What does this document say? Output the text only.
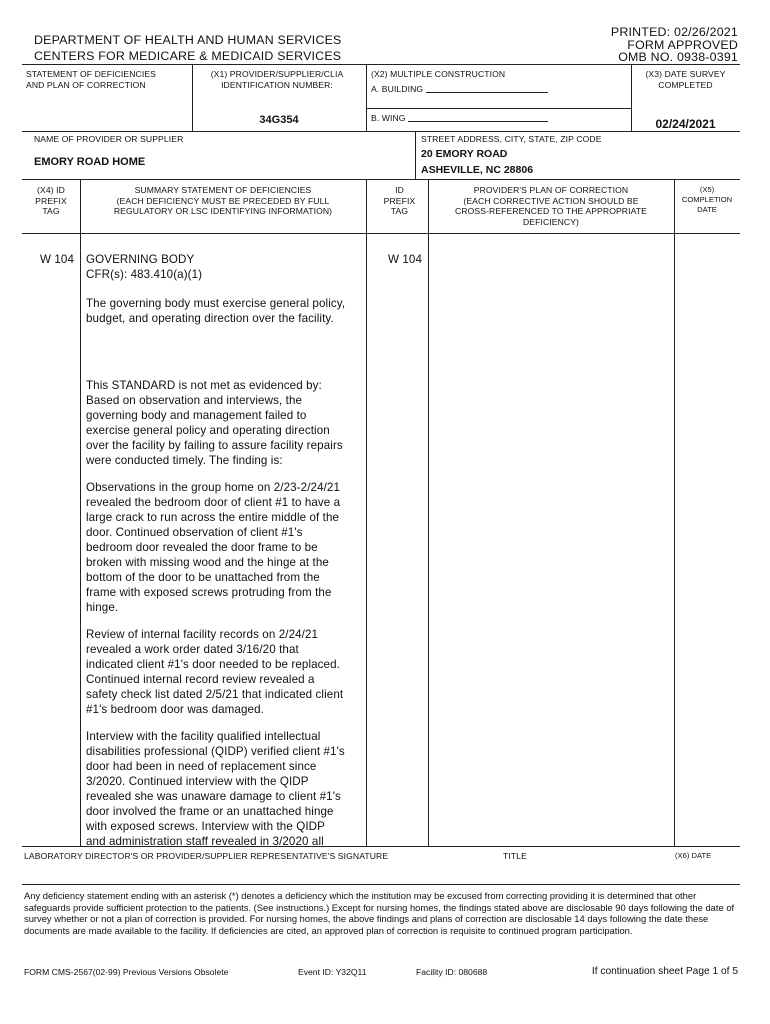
PRINTED: 02/26/2021
FORM APPROVED
OMB NO. 0938-0391
DEPARTMENT OF HEALTH AND HUMAN SERVICES
CENTERS FOR MEDICARE & MEDICAID SERVICES
STATEMENT OF DEFICIENCIES
AND PLAN OF CORRECTION
(X1) PROVIDER/SUPPLIER/CLIA
IDENTIFICATION NUMBER:
34G354
(X2) MULTIPLE CONSTRUCTION
A. BUILDING
B. WING
(X3) DATE SURVEY
COMPLETED
02/24/2021
NAME OF PROVIDER OR SUPPLIER
EMORY ROAD HOME
STREET ADDRESS, CITY, STATE, ZIP CODE
20 EMORY ROAD
ASHEVILLE, NC 28806
(X4) ID
PREFIX
TAG
SUMMARY STATEMENT OF DEFICIENCIES
(EACH DEFICIENCY MUST BE PRECEDED BY FULL
REGULATORY OR LSC IDENTIFYING INFORMATION)
ID
PREFIX
TAG
PROVIDER'S PLAN OF CORRECTION
(EACH CORRECTIVE ACTION SHOULD BE
CROSS-REFERENCED TO THE APPROPRIATE
DEFICIENCY)
(X5)
COMPLETION
DATE
W 104	W 104
GOVERNING BODY
CFR(s): 483.410(a)(1)

The governing body must exercise general policy,
budget, and operating direction over the facility.

This STANDARD is not met as evidenced by:
Based on observation and interviews, the
governing body and management failed to
exercise general policy and operating direction
over the facility by failing to assure facility repairs
were conducted timely. The finding is:

Observations in the group home on 2/23-2/24/21
revealed the bedroom door of client #1 to have a
large crack to run across the entire middle of the
door. Continued observation of client #1's
bedroom door revealed the door frame to be
broken with missing wood and the hinge at the
bottom of the door to be unattached from the
frame with exposed screws protruding from the
hinge.

Review of internal facility records on 2/24/21
revealed a work order dated 3/16/20 that
indicated client #1's door needed to be replaced.
Continued internal record review revealed a
safety check list dated 2/5/21 that indicated client
#1's bedroom door was damaged.

Interview with the facility qualified intellectual
disabilities professional (QIDP) verified client #1's
door had been in need of replacement since
3/2020. Continued interview with the QIDP
revealed she was unaware damage to client #1's
door involved the frame or an unattached hinge
with exposed screws. Interview with the QIDP
and administration staff revealed in 3/2020 all

LABORATORY DIRECTOR'S OR PROVIDER/SUPPLIER REPRESENTATIVE'S SIGNATURE	TITLE	(X6) DATE
Any deficiency statement ending with an asterisk (*) denotes a deficiency which the institution may be excused from correcting providing it is determined that other safeguards provide sufficient protection to the patients. (See instructions.) Except for nursing homes, the findings stated above are disclosable 90 days following the date of survey whether or not a plan of correction is provided. For nursing homes, the above findings and plans of correction are disclosable 14 days following the date these documents are made available to the facility. If deficiencies are cited, an approved plan of correction is requisite to continued program participation.
FORM CMS-2567(02-99) Previous Versions Obsolete	Event ID: Y32Q11	Facility ID: 080688	If continuation sheet Page 1 of 5
